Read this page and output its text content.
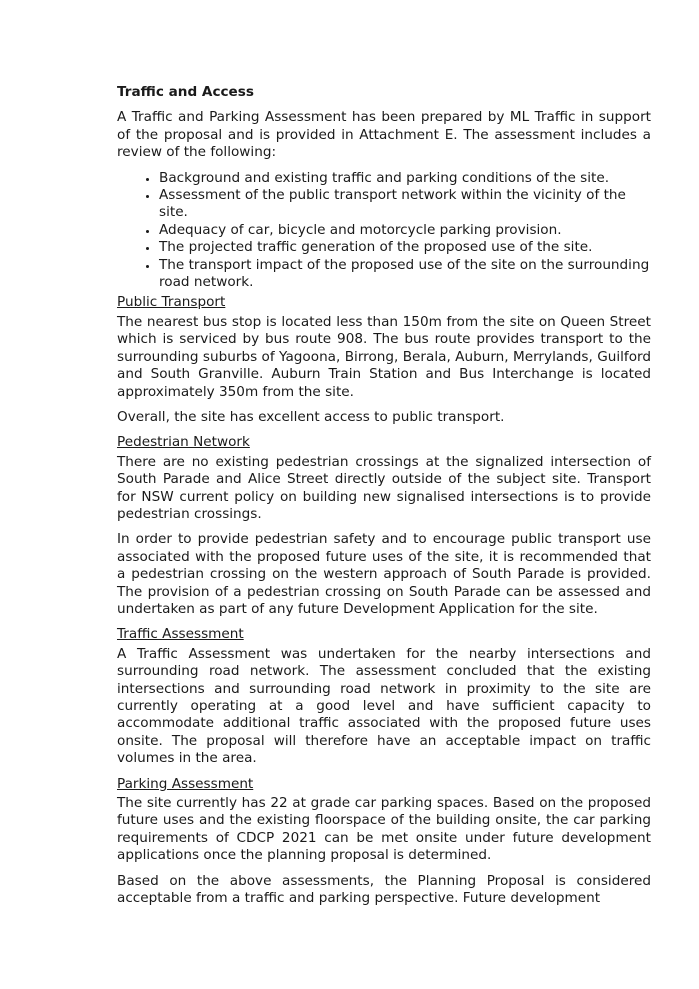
Traffic and Access

A Traffic and Parking Assessment has been prepared by ML Traffic in support of the proposal and is provided in Attachment E. The assessment includes a review of the following:

• Background and existing traffic and parking conditions of the site.
• Assessment of the public transport network within the vicinity of the site.
• Adequacy of car, bicycle and motorcycle parking provision.
• The projected traffic generation of the proposed use of the site.
• The transport impact of the proposed use of the site on the surrounding road network.

Public Transport

The nearest bus stop is located less than 150m from the site on Queen Street which is serviced by bus route 908. The bus route provides transport to the surrounding suburbs of Yagoona, Birrong, Berala, Auburn, Merrylands, Guilford and South Granville. Auburn Train Station and Bus Interchange is located approximately 350m from the site.

Overall, the site has excellent access to public transport.

Pedestrian Network

There are no existing pedestrian crossings at the signalized intersection of South Parade and Alice Street directly outside of the subject site. Transport for NSW current policy on building new signalised intersections is to provide pedestrian crossings.

In order to provide pedestrian safety and to encourage public transport use associated with the proposed future uses of the site, it is recommended that a pedestrian crossing on the western approach of South Parade is provided. The provision of a pedestrian crossing on South Parade can be assessed and undertaken as part of any future Development Application for the site.

Traffic Assessment

A Traffic Assessment was undertaken for the nearby intersections and surrounding road network. The assessment concluded that the existing intersections and surrounding road network in proximity to the site are currently operating at a good level and have sufficient capacity to accommodate additional traffic associated with the proposed future uses onsite. The proposal will therefore have an acceptable impact on traffic volumes in the area.

Parking Assessment

The site currently has 22 at grade car parking spaces. Based on the proposed future uses and the existing floorspace of the building onsite, the car parking requirements of CDCP 2021 can be met onsite under future development applications once the planning proposal is determined.

Based on the above assessments, the Planning Proposal is considered acceptable from a traffic and parking perspective. Future development
